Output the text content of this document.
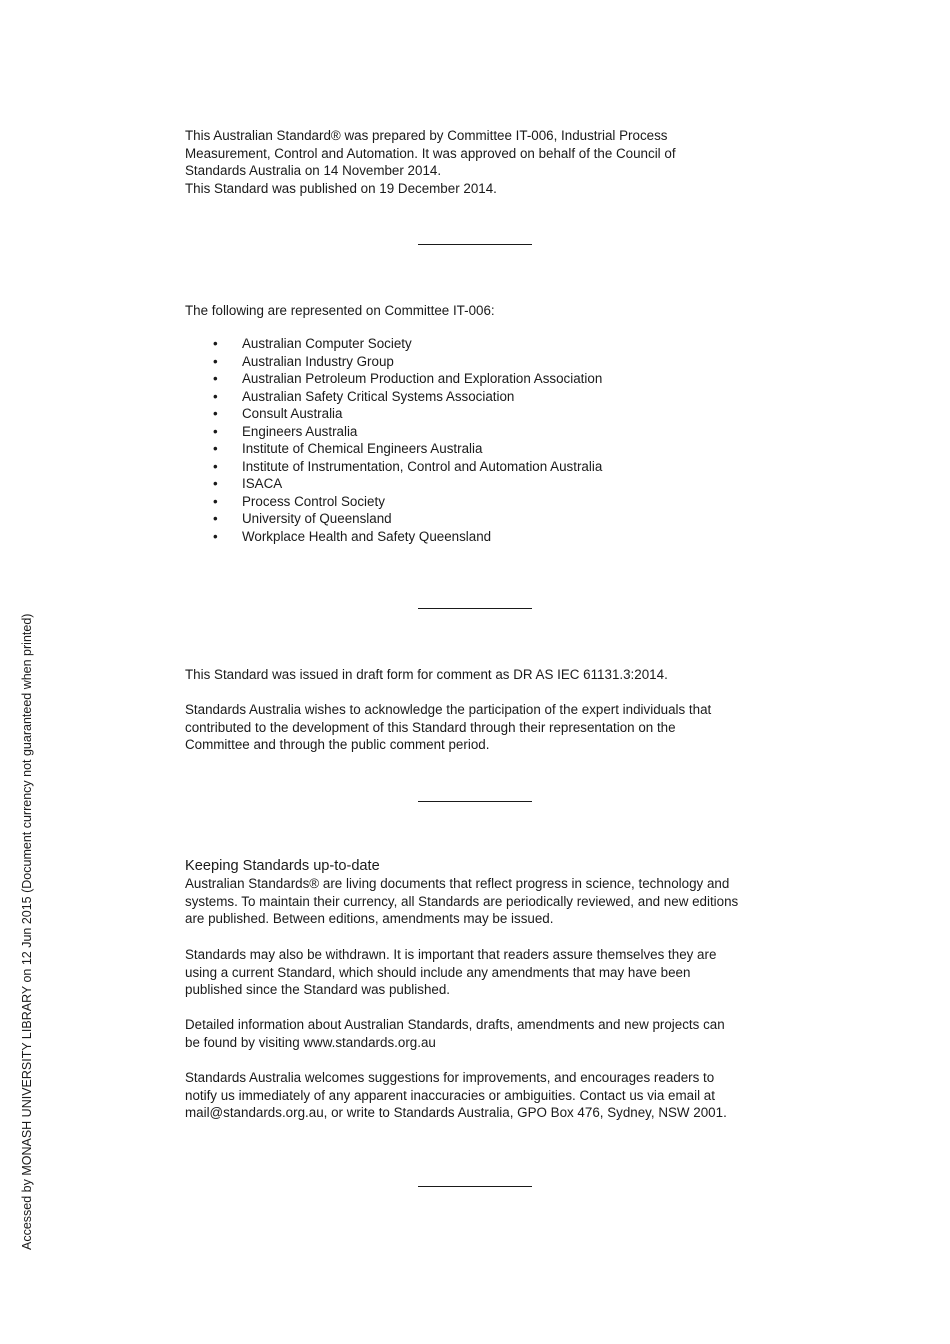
Accessed by MONASH UNIVERSITY LIBRARY on 12 Jun 2015 (Document currency not guaranteed when printed)

This Australian Standard® was prepared by Committee IT-006, Industrial Process

Measurement, Control and Automation. It was approved on behalf of the Council of

Standards Australia on 14 November 2014.

This Standard was published on 19 December 2014.

The following are represented on Committee IT-006:

• Australian Computer Society
• Australian Industry Group
• Australian Petroleum Production and Exploration Association
• Australian Safety Critical Systems Association
• Consult Australia
• Engineers Australia
• Institute of Chemical Engineers Australia
• Institute of Instrumentation, Control and Automation Australia
• ISACA
• Process Control Society
• University of Queensland
• Workplace Health and Safety Queensland

This Standard was issued in draft form for comment as DR AS IEC 61131.3:2014.

Standards Australia wishes to acknowledge the participation of the expert individuals that

contributed to the development of this Standard through their representation on the

Committee and through the public comment period.

Keeping Standards up-to-date

Australian Standards® are living documents that reflect progress in science, technology and

systems. To maintain their currency, all Standards are periodically reviewed, and new editions

are published. Between editions, amendments may be issued.

Standards may also be withdrawn. It is important that readers assure themselves they are

using a current Standard, which should include any amendments that may have been

published since the Standard was published.

Detailed information about Australian Standards, drafts, amendments and new projects can

be found by visiting www.standards.org.au

Standards Australia welcomes suggestions for improvements, and encourages readers to

notify us immediately of any apparent inaccuracies or ambiguities. Contact us via email at

mail@standards.org.au, or write to Standards Australia, GPO Box 476, Sydney, NSW 2001.
